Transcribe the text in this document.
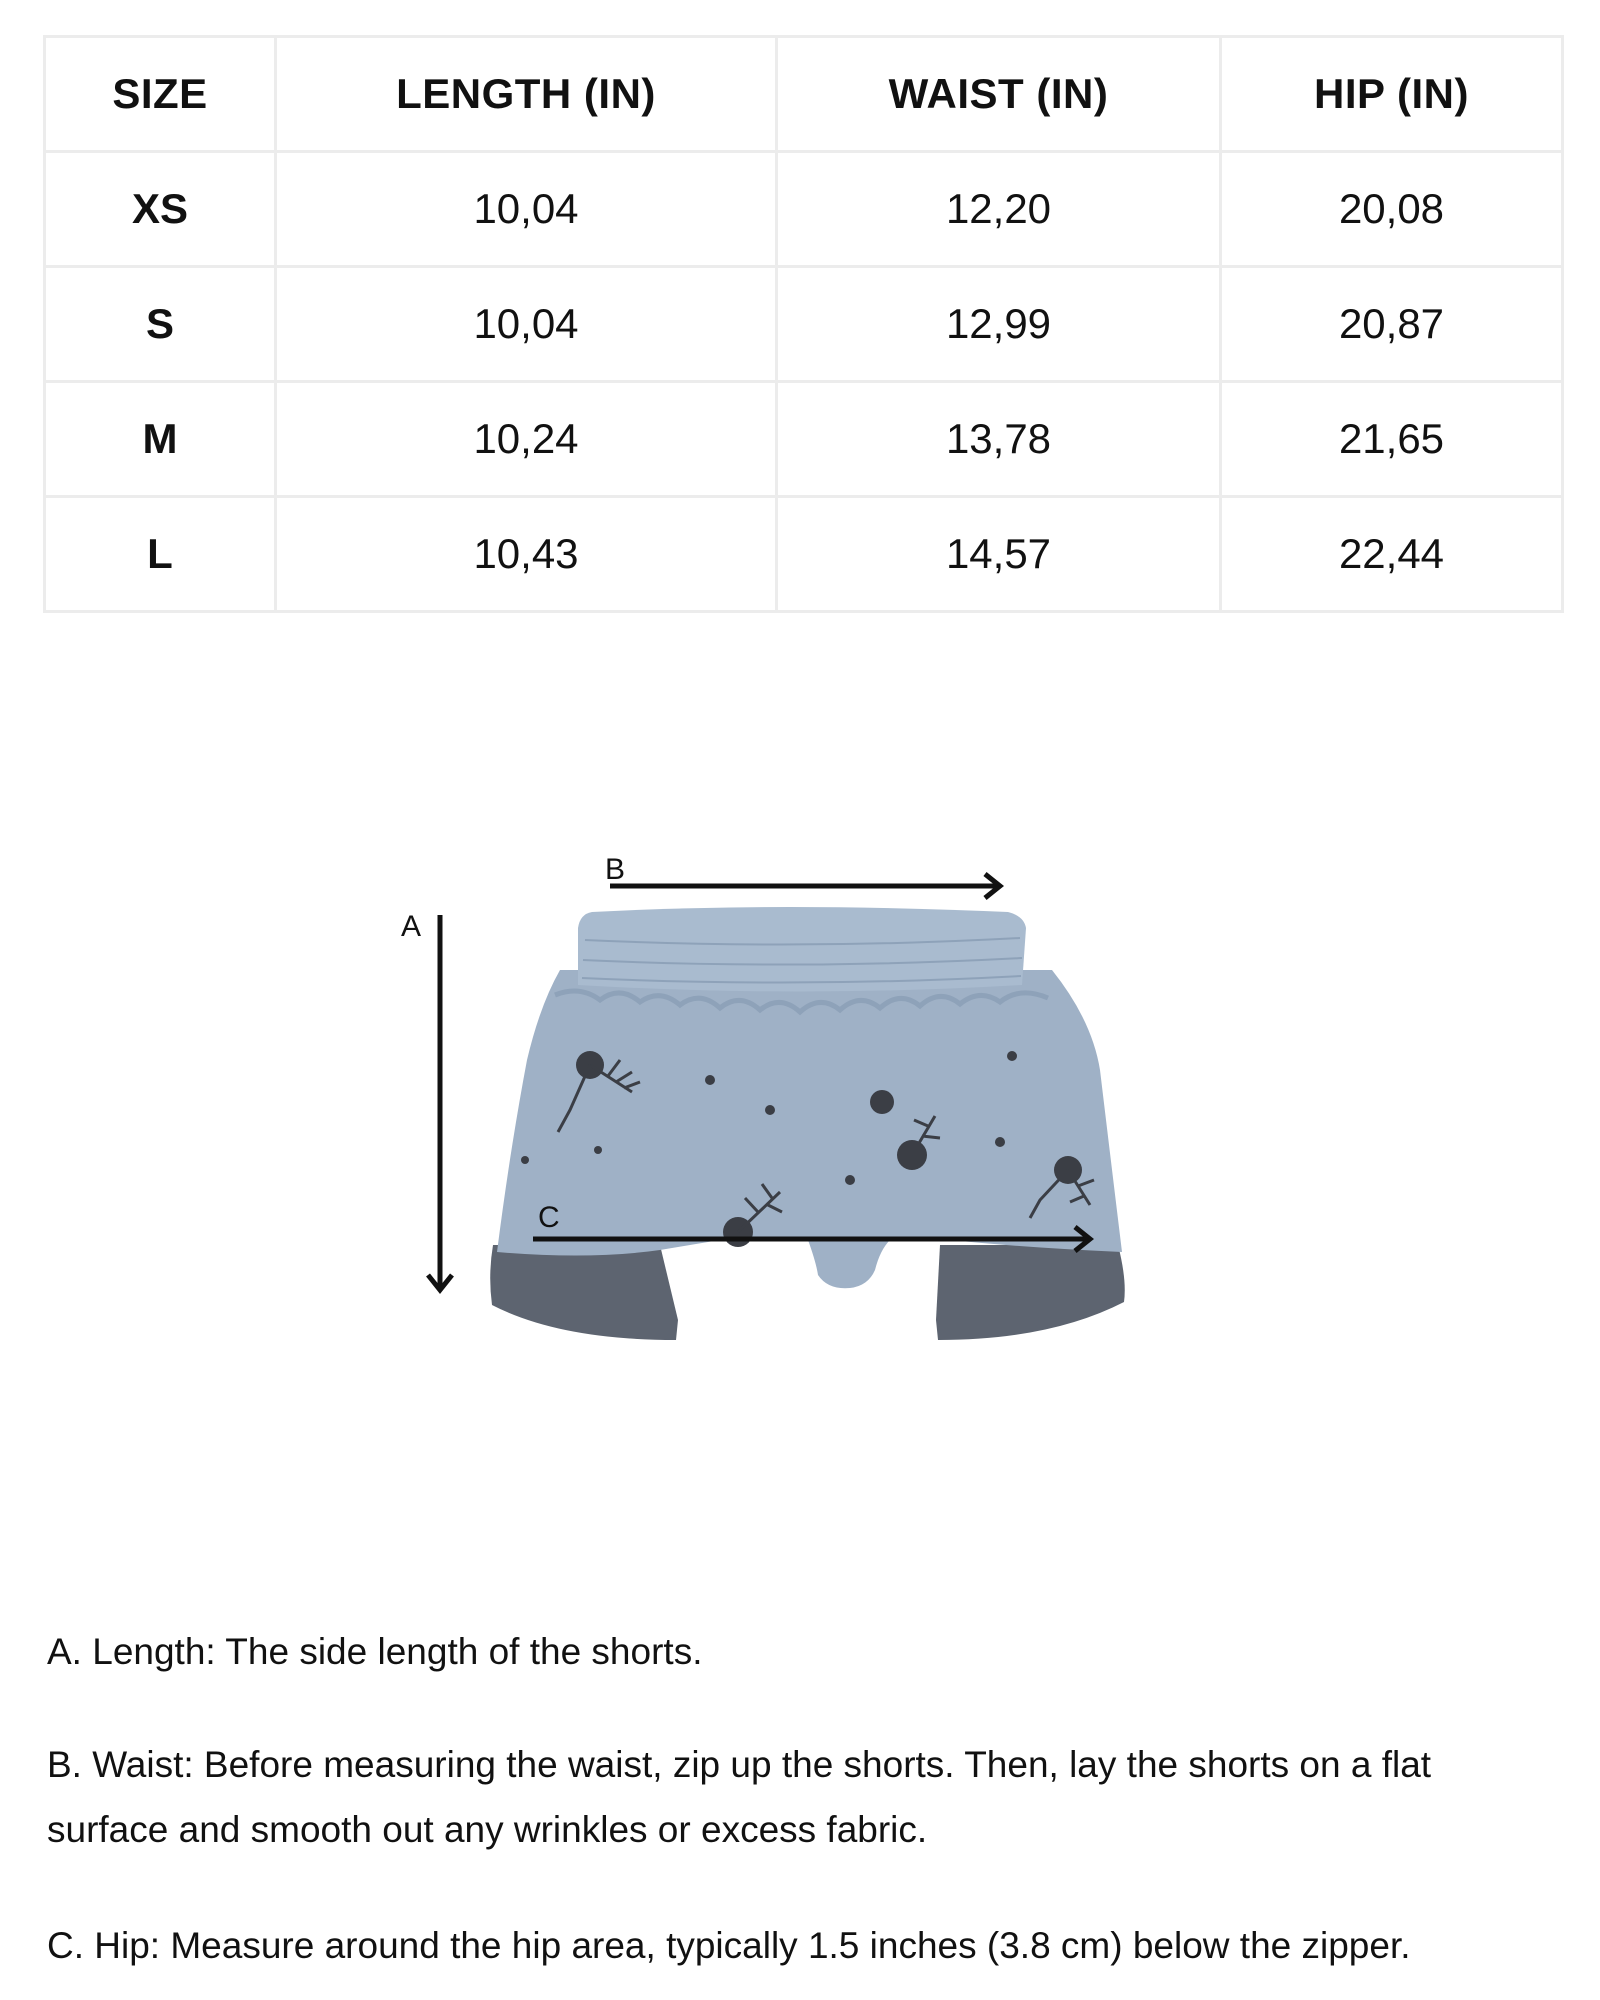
SIZE	LENGTH (IN)	WAIST (IN)	HIP (IN)
XS	10,04	12,20	20,08
S	10,04	12,99	20,87
M	10,24	13,78	21,65
L	10,43	14,57	22,44
A
B
C

A. Length: The side length of the shorts.

B. Waist: Before measuring the waist, zip up the shorts. Then, lay the shorts on a flat surface and smooth out any wrinkles or excess fabric.

C. Hip: Measure around the hip area, typically 1.5 inches (3.8 cm) below the zipper.
